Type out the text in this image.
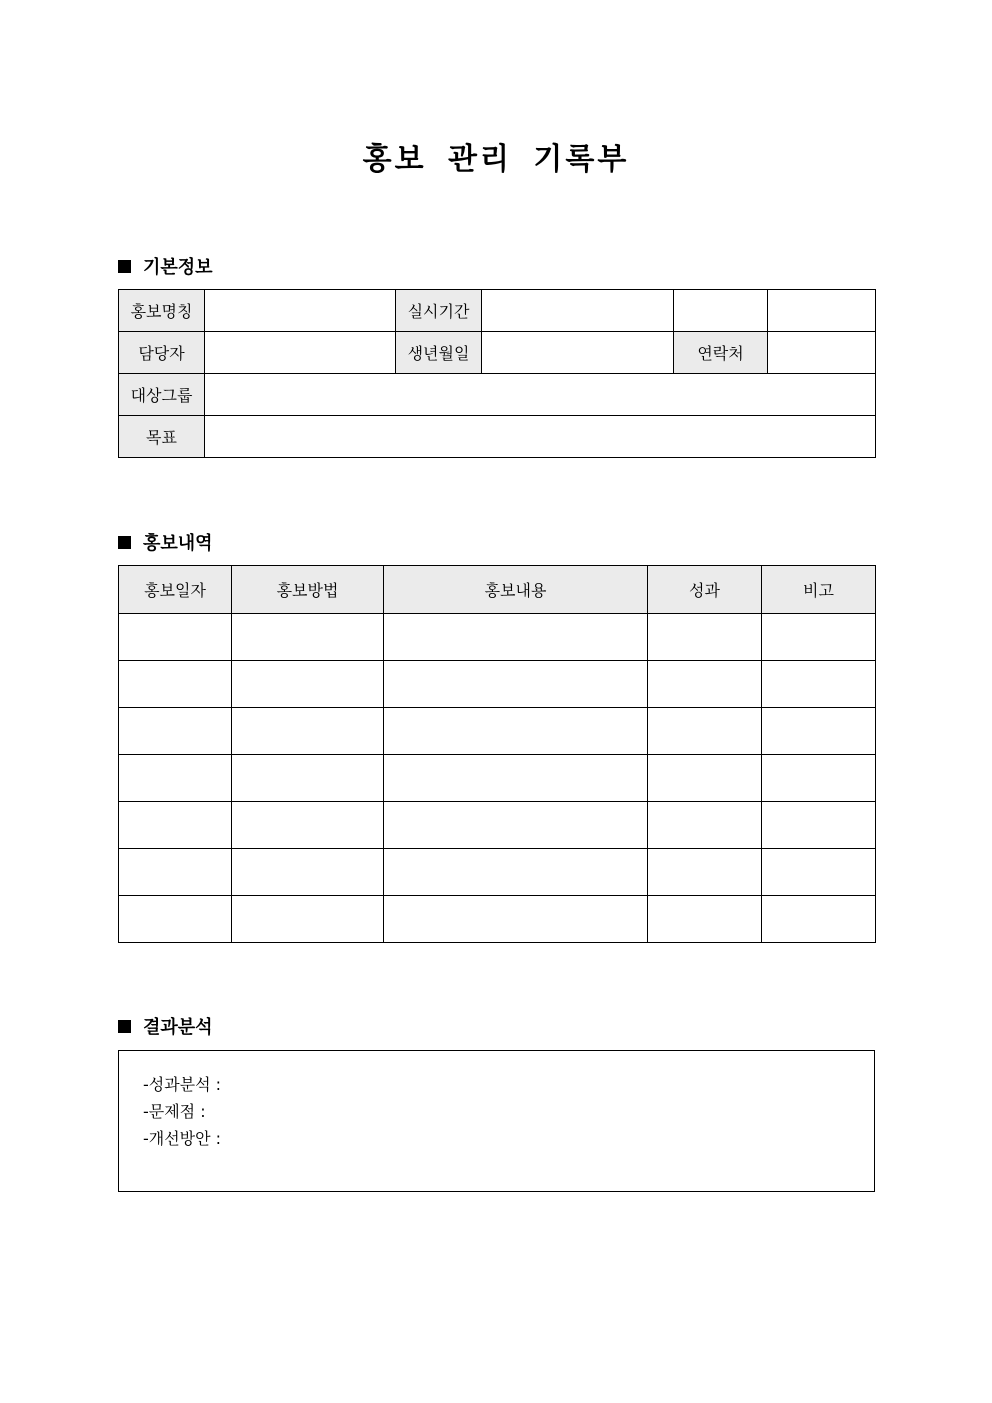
홍보 관리 기록부
기본정보
홍보명칭		실시기간			
담당자		생년월일		연락처	
대상그룹					
목표					
홍보내역
홍보일자	홍보방법	홍보내용	성과	비고

결과분석
-성과분석 :
-문제점 :
-개선방안 :
